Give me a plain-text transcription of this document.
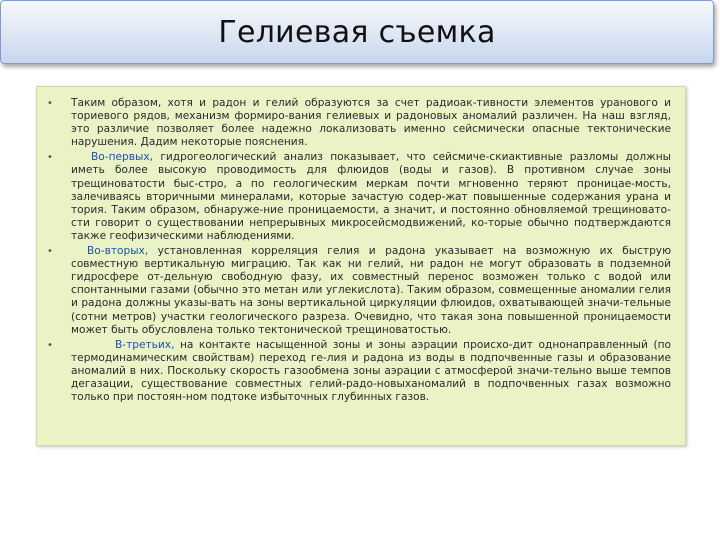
Гелиевая съемка
• Таким образом, хотя и радон и гелий образуются за счет радиоак-тивности элементов уранового и ториевого рядов, механизм формиро-вания гелиевых и радоновых аномалий различен. На наш взгляд, это различие позволяет более надежно локализовать именно сейсмически опасные тектонические нарушения. Дадим некоторые пояснения.
•	Во-первых, гидрогеологический анализ показывает, что сейсмиче-скиактивные разломы должны иметь более высокую проводимость для флюидов (воды и газов). В противном случае зоны трещиноватости быс-стро, а по геологическим меркам почти мгновенно теряют проницае-мость, залечиваясь вторичными минералами, которые зачастую содер-жат повышенные содержания урана и тория. Таким образом, обнаруже-ние проницаемости, а значит, и постоянно обновляемой трещиновато-сти говорит о существовании непрерывных микросейсмодвижений, ко-торые обычно подтверждаются также геофизическими наблюдениями.
•	Во-вторых, установленная корреляция гелия и радона указывает на возможную их быструю совместную вертикальную миграцию. Так как ни гелий, ни радон не могут образовать в подземной гидросфере от-дельную свободную фазу, их совместный перенос возможен только с водой или спонтанными газами (обычно это метан или углекислота). Таким образом, совмещенные аномалии гелия и радона должны указы-вать на зоны вертикальной циркуляции флюидов, охватывающей значи-тельные (сотни метров) участки геологического разреза. Очевидно, что такая зона повышенной проницаемости может быть обусловлена только тектонической трещиноватостью.
•	В-третьих, на контакте насыщенной зоны и зоны аэрации происхо-дит однонаправленный (по термодинамическим свойствам) переход ге-лия и радона из воды в подпочвенные газы и образование аномалий в них. Поскольку скорость газообмена зоны аэрации с атмосферой значи-тельно выше темпов дегазации, существование совместных гелий-радо-новыханомалий в подпочвенных газах возможно только при постоян-ном подтоке избыточных глубинных газов.
